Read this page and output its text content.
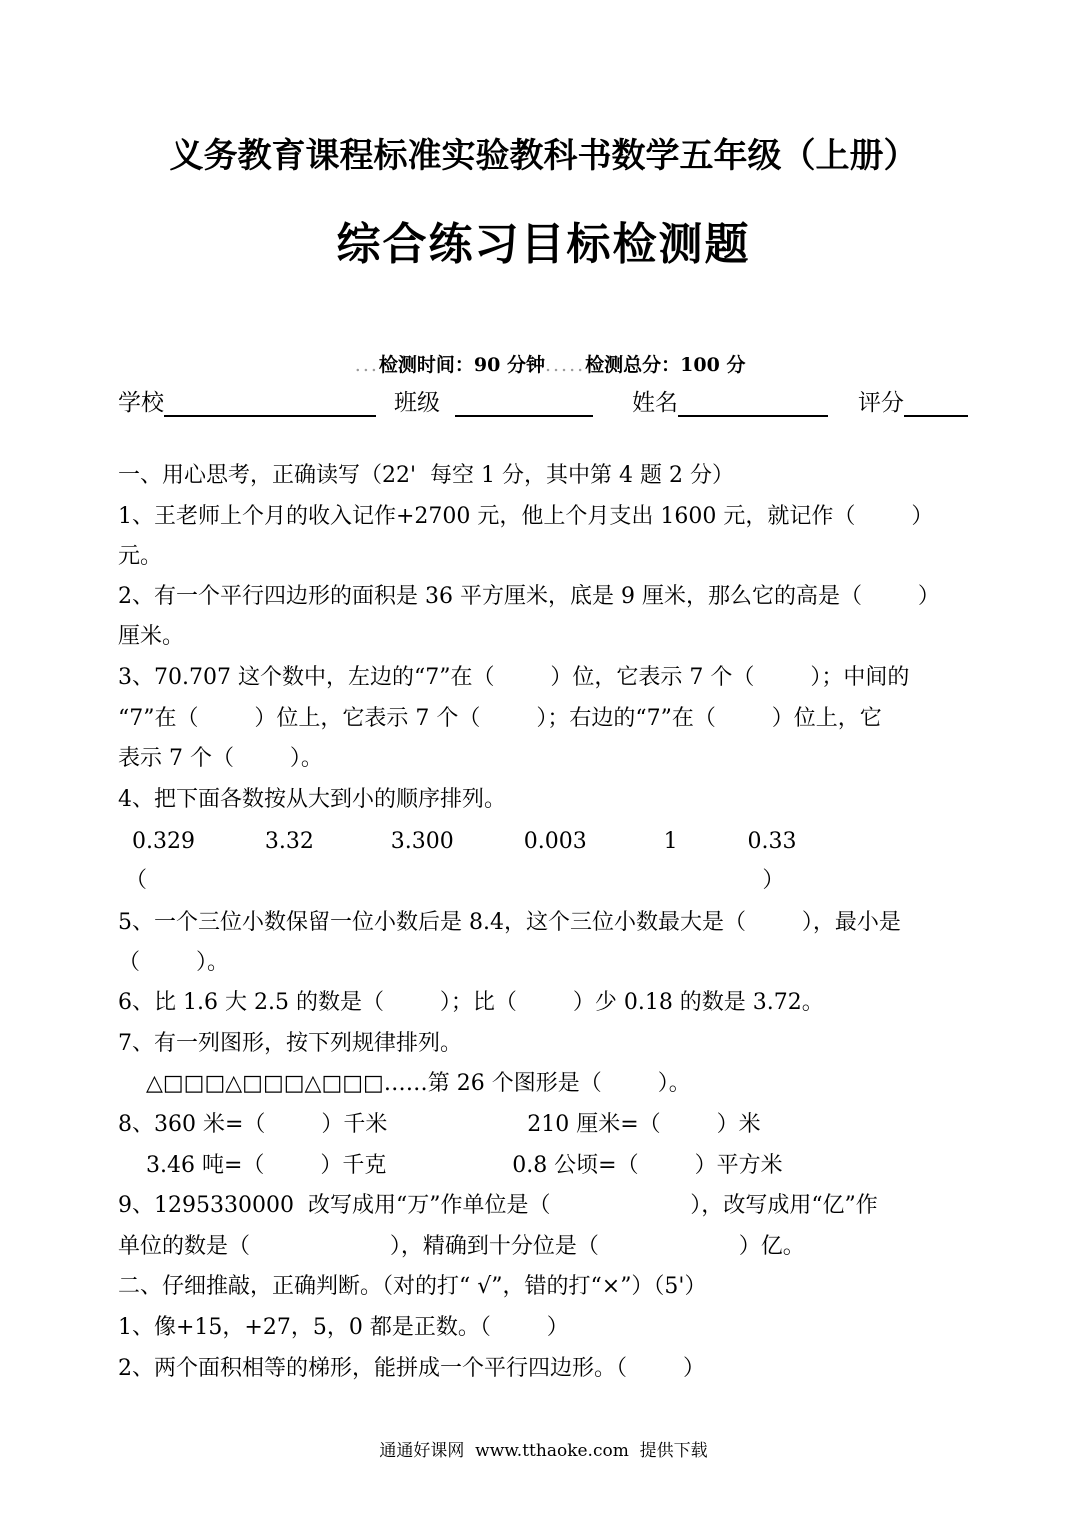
义务教育课程标准实验教科书数学五年级（上册）
综合练习目标检测题

...检测时间：90 分钟.....检测总分：100 分

学校

	班级

	姓名

	评分

一、用心思考，正确读写（22'  每空 1 分，其中第 4 题 2 分）
1、王老师上个月的收入记作+2700 元，他上个月支出 1600 元，就记作（        ）
元。
2、有一个平行四边形的面积是 36 平方厘米，底是 9 厘米，那么它的高是（        ）
厘米。
3、70.707 这个数中，左边的“7”在（        ）位，它表示 7 个（        ）；中间的
“7”在（        ）位上，它表示 7 个（        ）；右边的“7”在（        ）位上，它
表示 7 个（        ）。
4、把下面各数按从大到小的顺序排列。
0.329          3.32           3.300          0.003           1          0.33
（                                                                                        ）
5、一个三位小数保留一位小数后是 8.4，这个三位小数最大是（        ），最小是
（        ）。
6、比 1.6 大 2.5 的数是（        ）；比（        ）少 0.18 的数是 3.72。
7、有一列图形，按下列规律排列。
△□□□△□□□△□□□……第 26 个图形是（        ）。
8、360 米=（        ）千米                    210 厘米=（        ）米
3.46 吨=（        ）千克                  0.8 公顷=（        ）平方米
9、1295330000  改写成用“万”作单位是（                    ），改写成用“亿”作
单位的数是（                    ），精确到十分位是（                    ）亿。
二、仔细推敲，正确判断。（对的打“ √”，错的打“×”）（5'）
1、像+15，+27，5，0 都是正数。（        ）
2、两个面积相等的梯形，能拼成一个平行四边形。（        ）
通通好课网  www.tthaoke.com  提供下载
